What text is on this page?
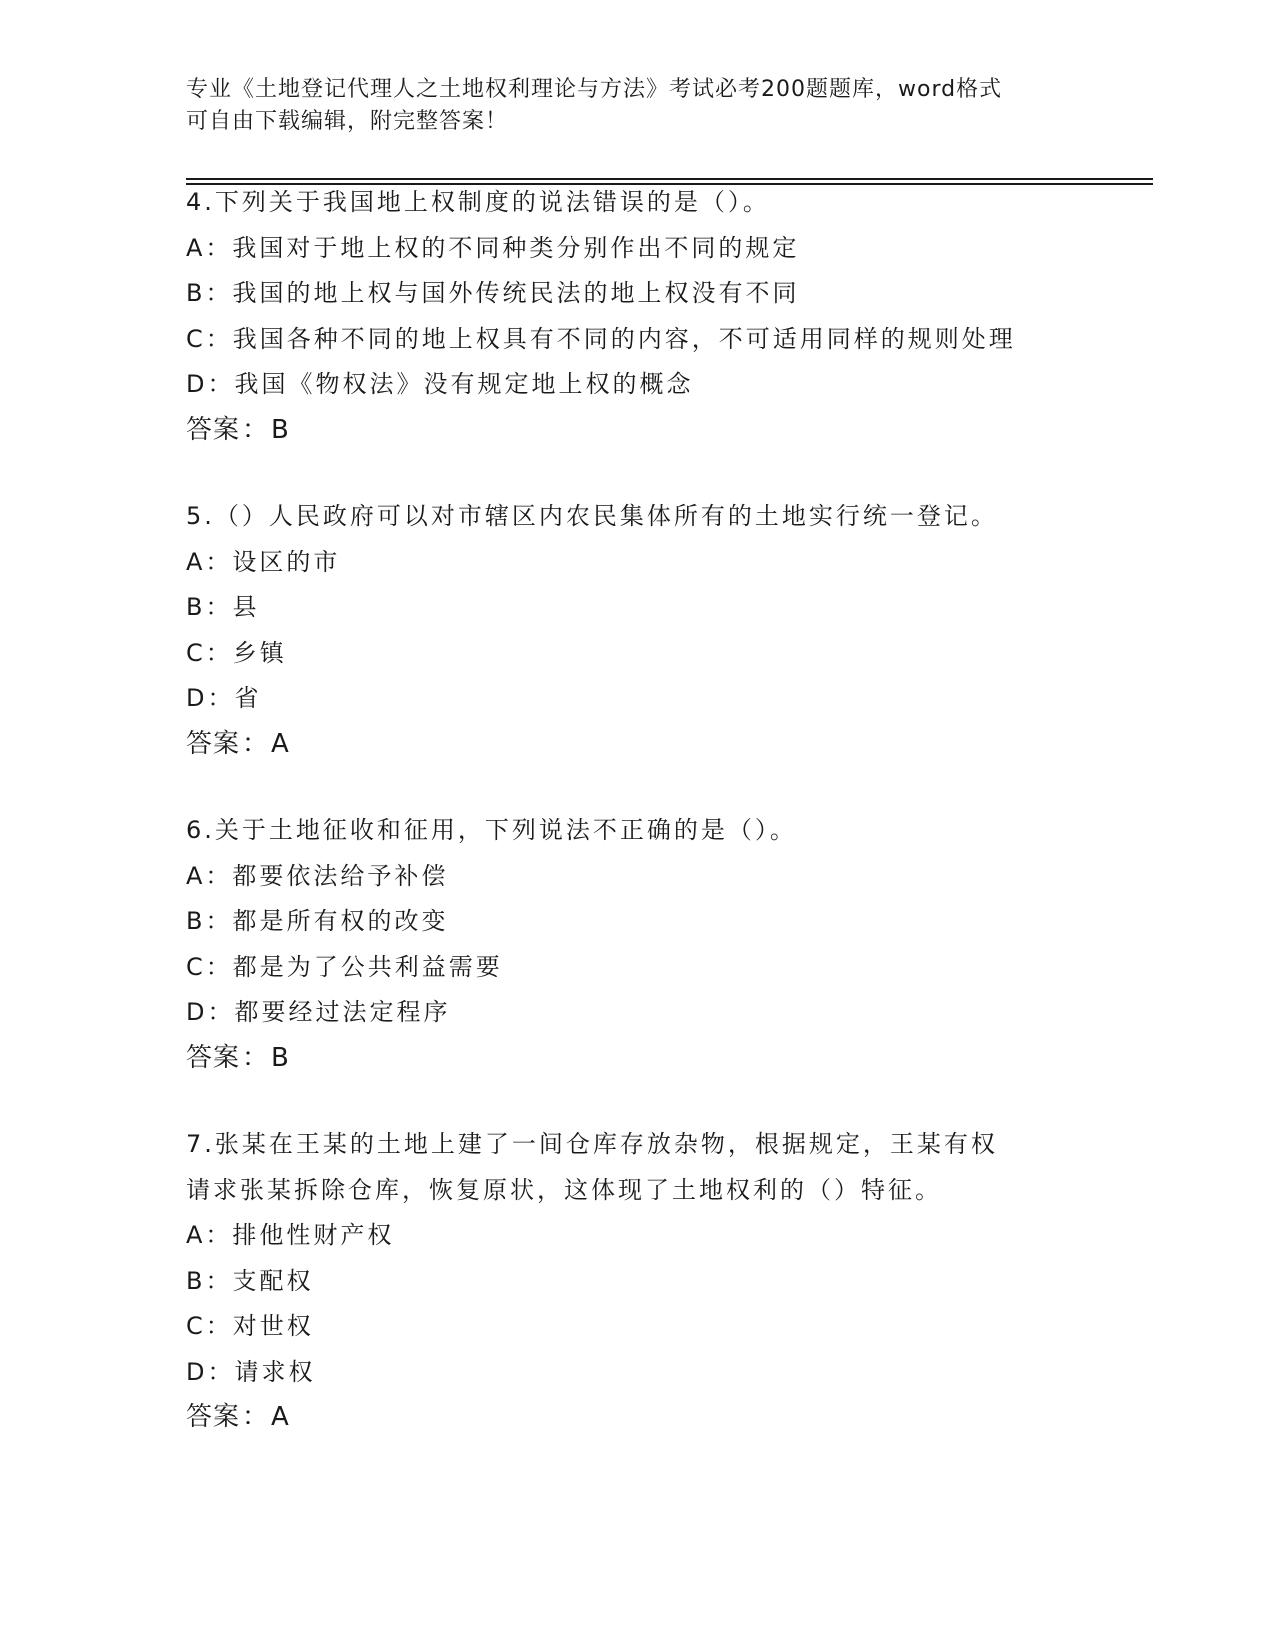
专业《土地登记代理人之土地权利理论与方法》考试必考200题题库，word格式
可自由下载编辑，附完整答案！
4.下列关于我国地上权制度的说法错误的是（）。
A：我国对于地上权的不同种类分别作出不同的规定
B：我国的地上权与国外传统民法的地上权没有不同
C：我国各种不同的地上权具有不同的内容，不可适用同样的规则处理
D：我国《物权法》没有规定地上权的概念
答案：B
5.（）人民政府可以对市辖区内农民集体所有的土地实行统一登记。
A：设区的市
B：县
C：乡镇
D：省
答案：A
6.关于土地征收和征用，下列说法不正确的是（）。
A：都要依法给予补偿
B：都是所有权的改变
C：都是为了公共利益需要
D：都要经过法定程序
答案：B
7.张某在王某的土地上建了一间仓库存放杂物，根据规定，王某有权
请求张某拆除仓库，恢复原状，这体现了土地权利的（）特征。
A：排他性财产权
B：支配权
C：对世权
D：请求权
答案：A
